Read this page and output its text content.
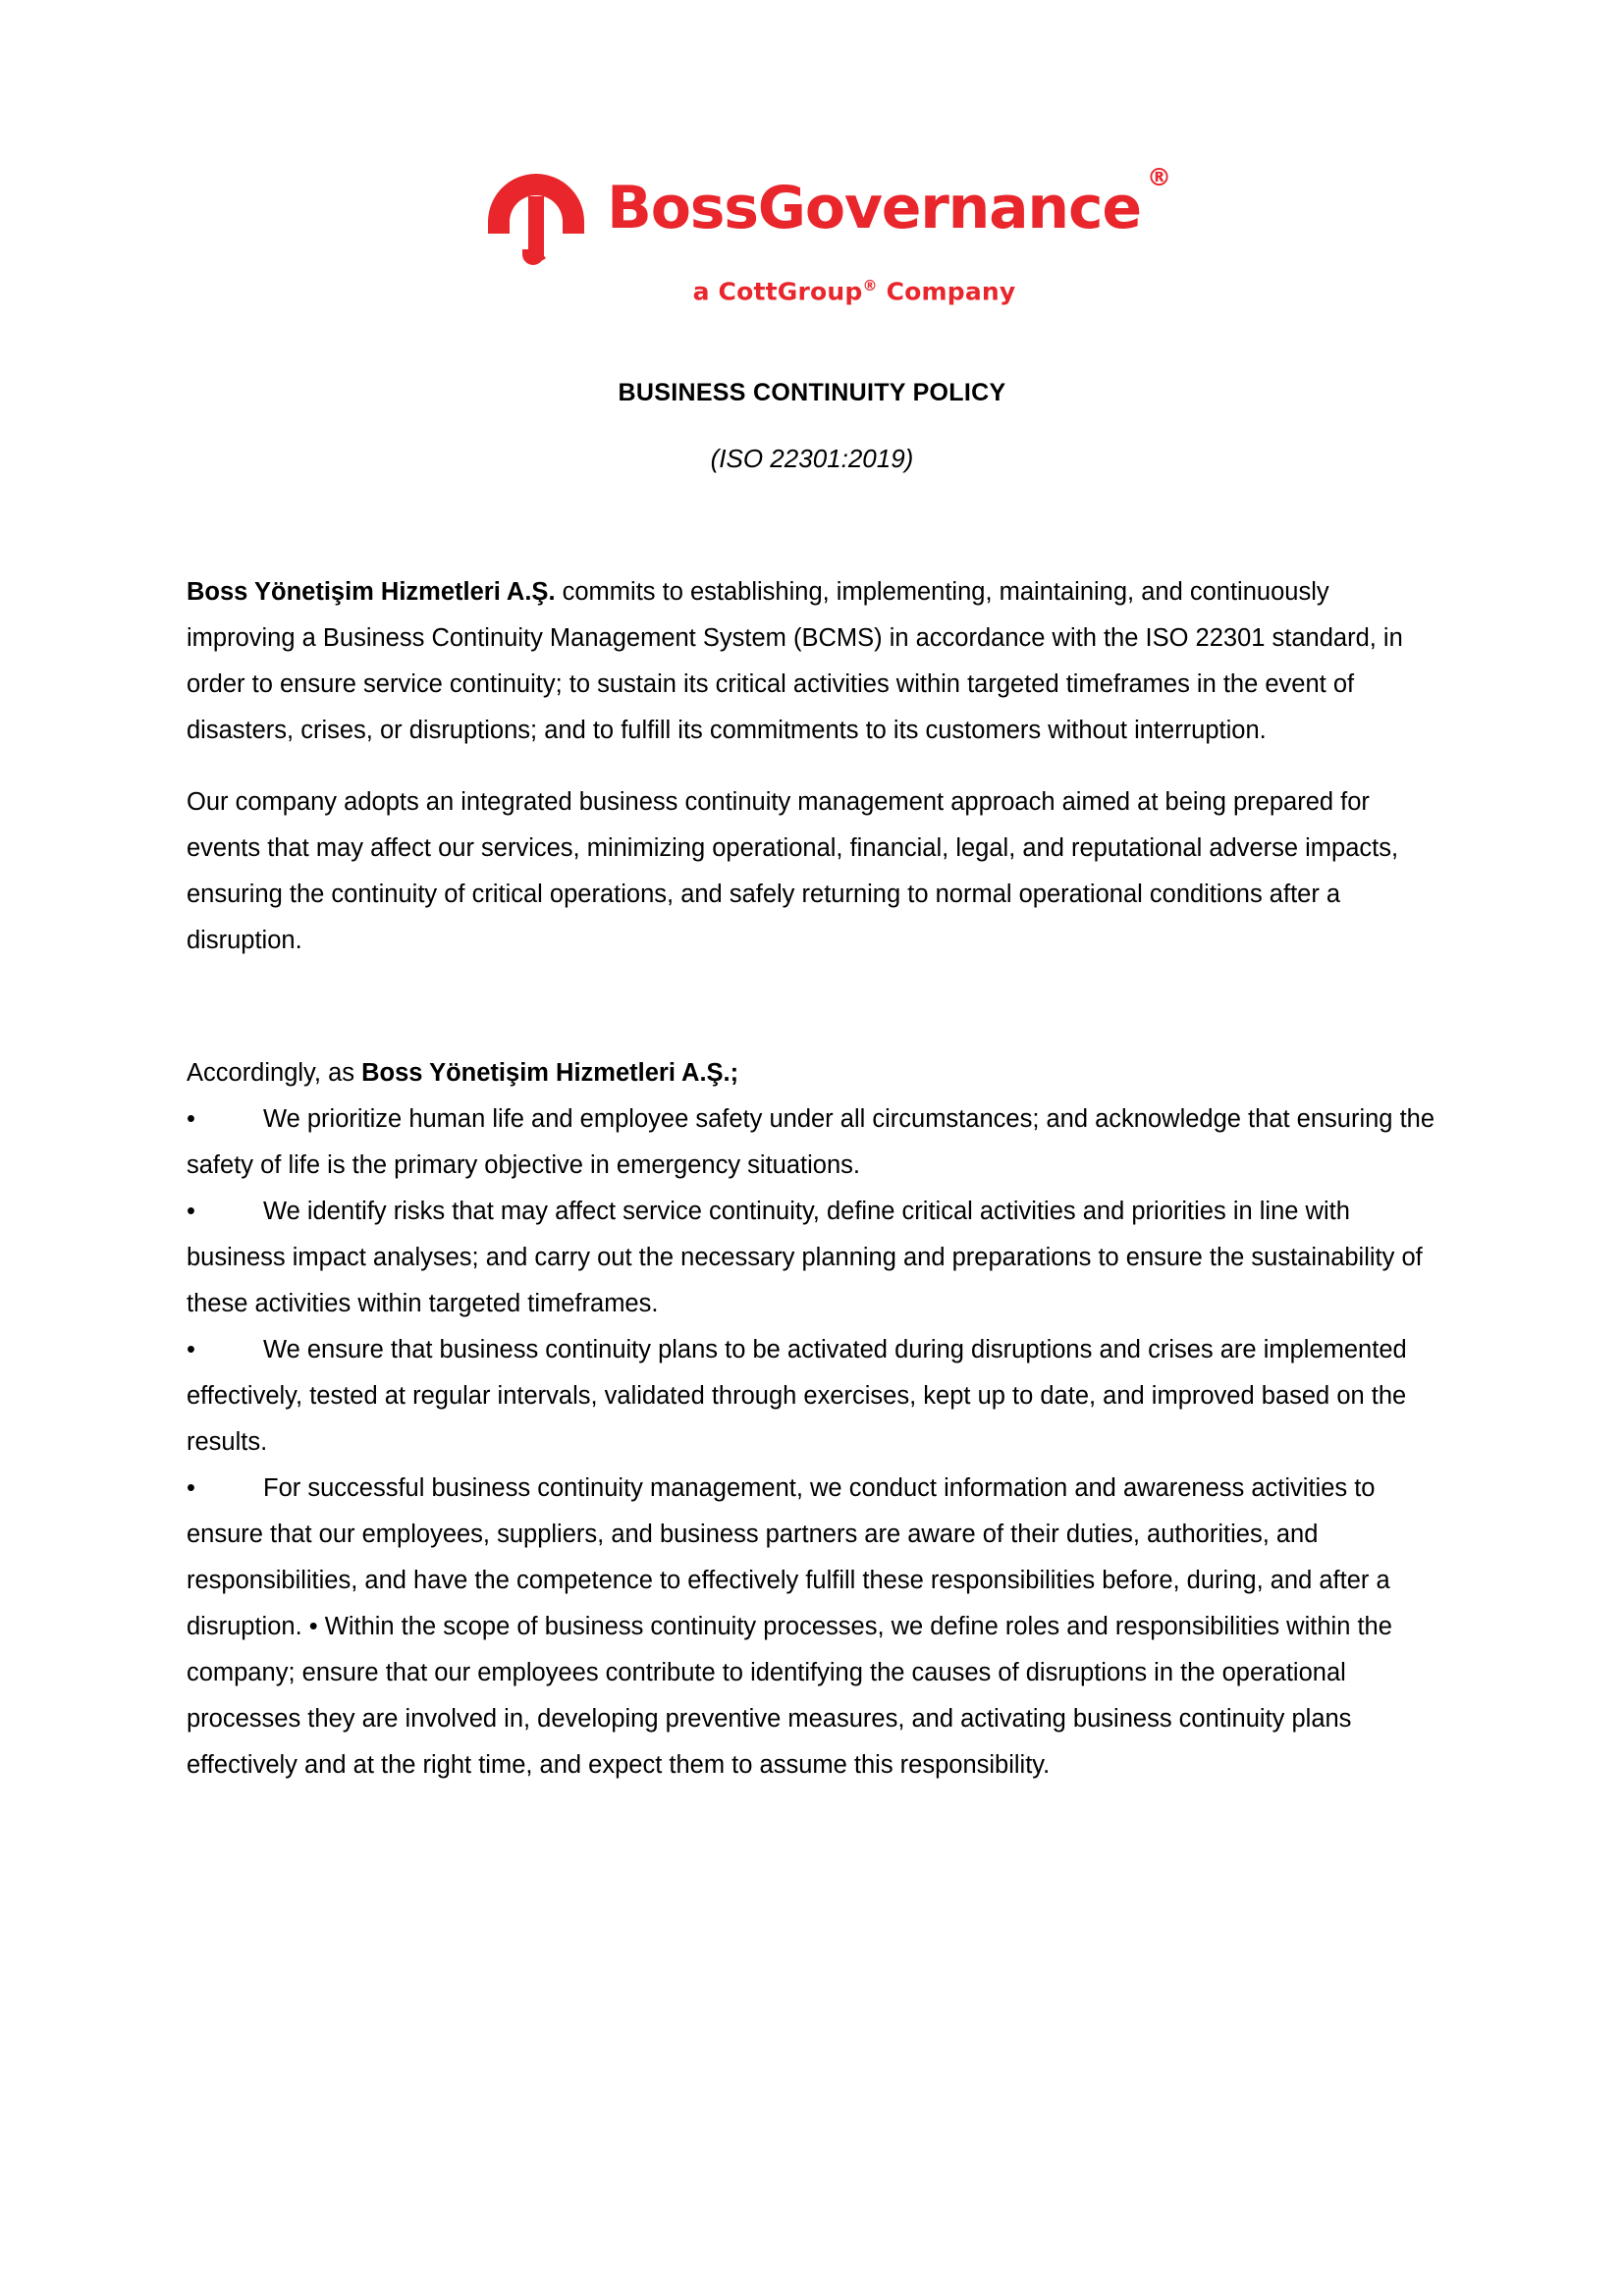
BossGovernance ®
a CottGroup® Company
BUSINESS CONTINUITY POLICY
(ISO 22301:2019)

Boss Yönetişim Hizmetleri A.Ş. commits to establishing, implementing, maintaining, and continuously improving a Business Continuity Management System (BCMS) in accordance with the ISO 22301 standard, in order to ensure service continuity; to sustain its critical activities within targeted timeframes in the event of disasters, crises, or disruptions; and to fulfill its commitments to its customers without interruption.

Our company adopts an integrated business continuity management approach aimed at being prepared for events that may affect our services, minimizing operational, financial, legal, and reputational adverse impacts, ensuring the continuity of critical operations, and safely returning to normal operational conditions after a disruption.

Accordingly, as Boss Yönetişim Hizmetleri A.Ş.;

•	We prioritize human life and employee safety under all circumstances; and acknowledge that ensuring the safety of life is the primary objective in emergency situations.

•	We identify risks that may affect service continuity, define critical activities and priorities in line with business impact analyses; and carry out the necessary planning and preparations to ensure the sustainability of these activities within targeted timeframes.

•	We ensure that business continuity plans to be activated during disruptions and crises are implemented effectively, tested at regular intervals, validated through exercises, kept up to date, and improved based on the results.

•	For successful business continuity management, we conduct information and awareness activities to ensure that our employees, suppliers, and business partners are aware of their duties, authorities, and responsibilities, and have the competence to effectively fulfill these responsibilities before, during, and after a disruption. • Within the scope of business continuity processes, we define roles and responsibilities within the company; ensure that our employees contribute to identifying the causes of disruptions in the operational processes they are involved in, developing preventive measures, and activating business continuity plans effectively and at the right time, and expect them to assume this responsibility.
